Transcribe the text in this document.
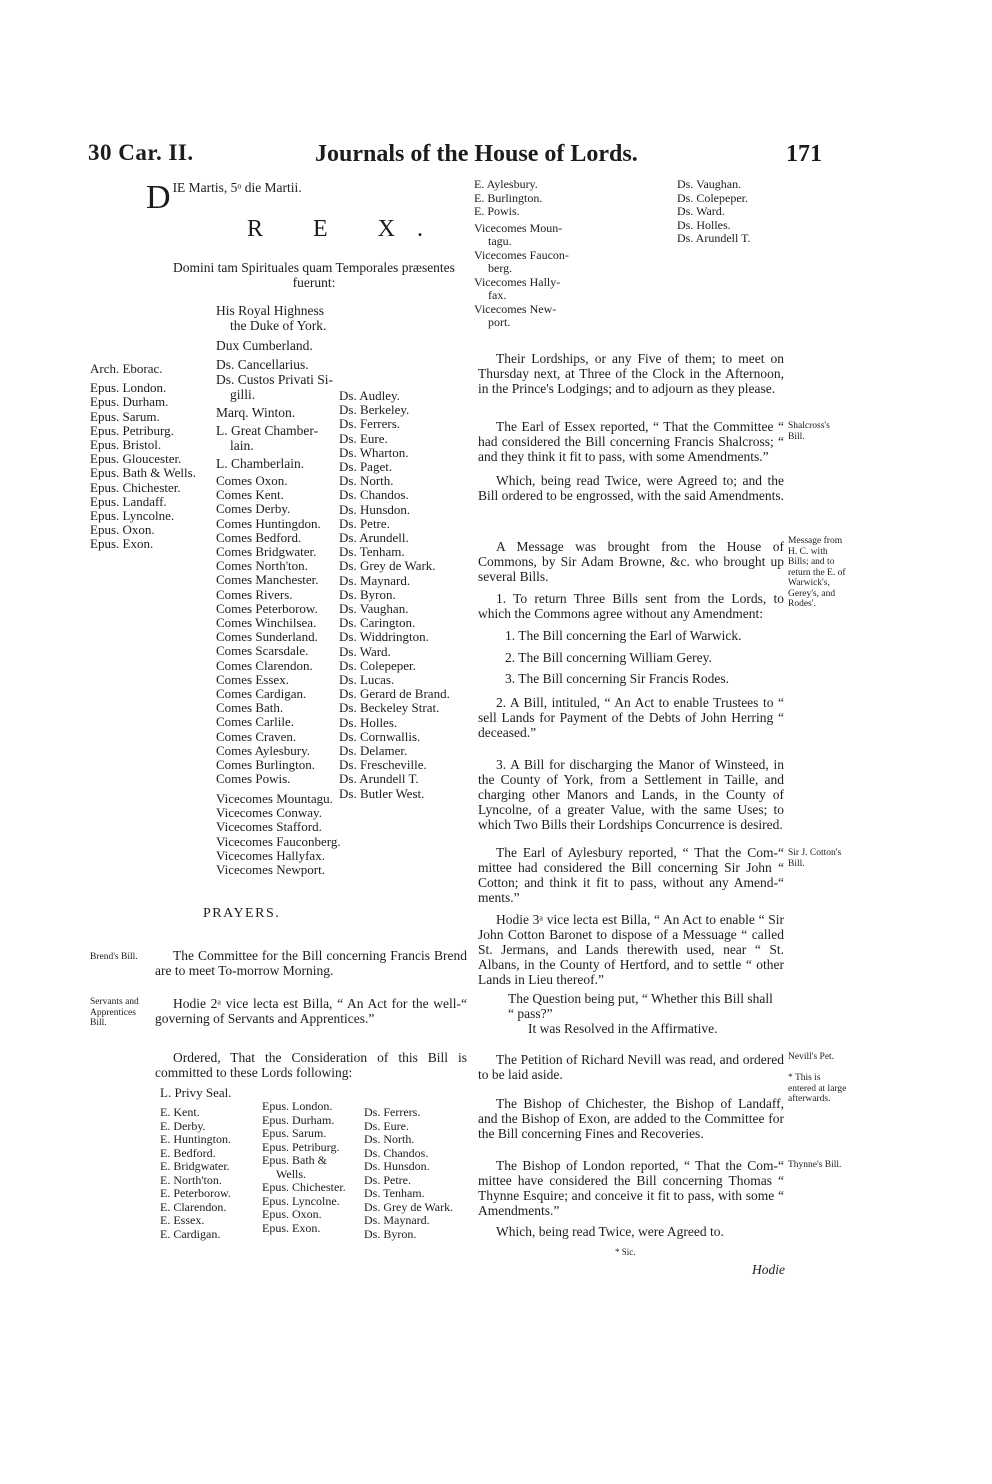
30 Car. II.	Journals of the House of Lords.	171
D $^{IE Martis, 5ᵒ die Martii.}$
R E X.
Domini tam Spirituales quam Temporales præsentes fuerunt:
His Royal Highness
the Duke of York.
Dux Cumberland.
Ds. Cancellarius.
Ds. Custos Privati Si-
gilli.
Marq. Winton.
L. Great Chamber-
lain.
L. Chamberlain.
Comes Oxon.
Comes Kent.
Comes Derby.
Comes Huntingdon.
Comes Bedford.
Comes Bridgwater.
Comes North'ton.
Comes Manchester.
Comes Rivers.
Comes Peterborow.
Comes Winchilsea.
Comes Sunderland.
Comes Scarsdale.
Comes Clarendon.
Comes Essex.
Comes Cardigan.
Comes Bath.
Comes Carlile.
Comes Craven.
Comes Aylesbury.
Comes Burlington.
Comes Powis.
Vicecomes Mountagu.
Vicecomes Conway.
Vicecomes Stafford.
Vicecomes Fauconberg.
Vicecomes Hallyfax.
Vicecomes Newport.
Arch. Eborac.
Epus. London.
Epus. Durham.
Epus. Sarum.
Epus. Petriburg.
Epus. Bristol.
Epus. Gloucester.
Epus. Bath & Wells.
Epus. Chichester.
Epus. Landaff.
Epus. Lyncolne.
Epus. Oxon.
Epus. Exon.
Ds. Audley.
Ds. Berkeley.
Ds. Ferrers.
Ds. Eure.
Ds. Wharton.
Ds. Paget.
Ds. North.
Ds. Chandos.
Ds. Hunsdon.
Ds. Petre.
Ds. Arundell.
Ds. Tenham.
Ds. Grey de Wark.
Ds. Maynard.
Ds. Byron.
Ds. Vaughan.
Ds. Carington.
Ds. Widdrington.
Ds. Ward.
Ds. Colepeper.
Ds. Lucas.
Ds. Gerard de Brand.
Ds. Beckeley Strat.
Ds. Holles.
Ds. Cornwallis.
Ds. Delamer.
Ds. Frescheville.
Ds. Arundell T.
Ds. Butler West.
PRAYERS.
Brend's Bill.	The Committee for the Bill concerning Francis Brend are to meet To-morrow Morning.
Servants and Apprentices Bill.
Hodie 2ᵃ vice lecta est Billa, “ An Act for the well-“ governing of Servants and Apprentices.”
Ordered, That the Consideration of this Bill is committed to these Lords following:
L. Privy Seal.
E. Kent.
E. Derby.
E. Huntington.
E. Bedford.
E. Bridgwater.
E. North'ton.
E. Peterborow.
E. Clarendon.
E. Essex.
E. Cardigan.
Epus. London.
Epus. Durham.
Epus. Sarum.
Epus. Petriburg.
Epus. Bath &
Wells.
Epus. Chichester.
Epus. Lyncolne.
Epus. Oxon.
Epus. Exon.
Ds. Ferrers.
Ds. Eure.
Ds. North.
Ds. Chandos.
Ds. Hunsdon.
Ds. Petre.
Ds. Tenham.
Ds. Grey de Wark.
Ds. Maynard.
Ds. Byron.
E. Aylesbury.
E. Burlington.
E. Powis.
Vicecomes Moun-
tagu.
Vicecomes Faucon-
berg.
Vicecomes Hally-
fax.
Vicecomes New-
port.
Ds. Vaughan.
Ds. Colepeper.
Ds. Ward.
Ds. Holles.
Ds. Arundell T.
Their Lordships, or any Five of them; to meet on Thursday next, at Three of the Clock in the Afternoon, in the Prince's Lodgings; and to adjourn as they please.
Shalcross's Bill.
The Earl of Essex reported, “ That the Committee “ had considered the Bill concerning Francis Shalcross; “ and they think it fit to pass, with some Amendments.”
Which, being read Twice, were Agreed to; and the Bill ordered to be engrossed, with the said Amendments.
Message from H. C. with Bills; and to return the E. of Warwick's, Gerey's, and Rodes'.
A Message was brought from the House of Commons, by Sir Adam Browne, &c. who brought up several Bills.
1. To return Three Bills sent from the Lords, to which the Commons agree without any Amendment:
1. The Bill concerning the Earl of Warwick.
2. The Bill concerning William Gerey.
3. The Bill concerning Sir Francis Rodes.
2. A Bill, intituled, “ An Act to enable Trustees to “ sell Lands for Payment of the Debts of John Herring “ deceased.”
3. A Bill for discharging the Manor of Winsteed, in the County of York, from a Settlement in Taille, and charging other Manors and Lands, in the County of Lyncolne, of a greater Value, with the same Uses; to which Two Bills their Lordships Concurrence is desired.
Sir J. Cotton's Bill.
The Earl of Aylesbury reported, “ That the Com-“ mittee had considered the Bill concerning Sir John “ Cotton; and think it fit to pass, without any Amend-“ ments.”
Hodie 3ᵃ vice lecta est Billa, “ An Act to enable “ Sir John Cotton Baronet to dispose of a Messuage “ called St. Jermans, and Lands therewith used, near “ St. Albans, in the County of Hertford, and to settle “ other Lands in Lieu thereof.”
The Question being put, “ Whether this Bill shall “ pass?”
It was Resolved in the Affirmative.
Nevill's Pet.
* This is entered at large afterwards.
The Petition of Richard Nevill was read, and ordered to be laid aside.
The Bishop of Chichester, the Bishop of Landaff, and the Bishop of Exon, are added to the Committee for the Bill concerning Fines and Recoveries.
Thynne's Bill.
The Bishop of London reported, “ That the Com-“ mittee have considered the Bill concerning Thomas “ Thynne Esquire; and conceive it fit to pass, with some “ Amendments.”
Which, being read Twice, were Agreed to.
* Sic.
Hodie
